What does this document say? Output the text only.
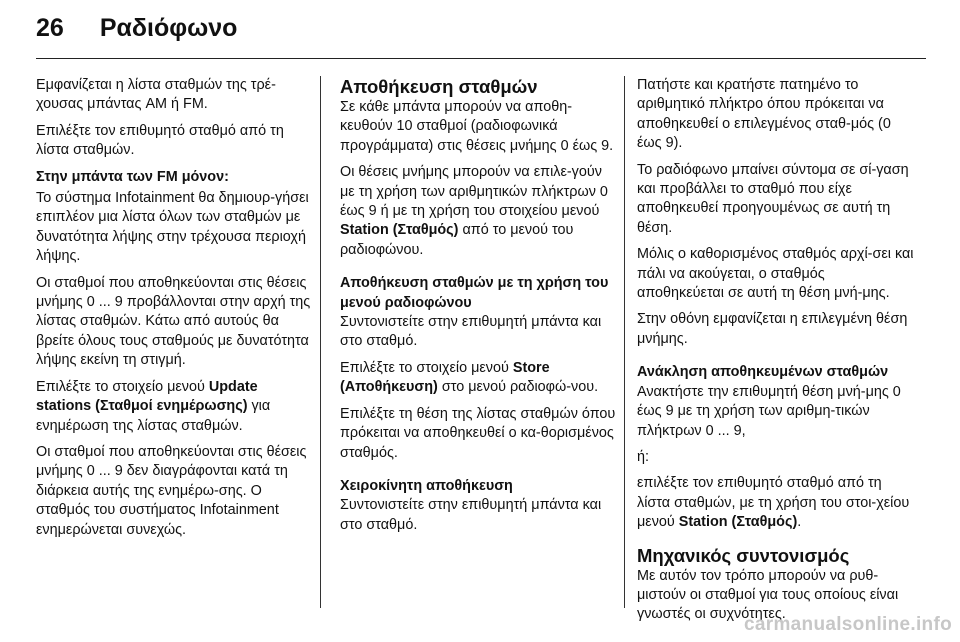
26 Ραδιόφωνο

Εμφανίζεται η λίστα σταθμών της τρέ-χουσας μπάντας AM ή FM.

Επιλέξτε τον επιθυμητό σταθμό από τη λίστα σταθμών.

Στην μπάντα των FM μόνον:

Το σύστημα Infotainment θα δημιουρ-γήσει επιπλέον μια λίστα όλων των σταθμών με δυνατότητα λήψης στην τρέχουσα περιοχή λήψης.

Οι σταθμοί που αποθηκεύονται στις θέσεις μνήμης 0 ... 9 προβάλλονται στην αρχή της λίστας σταθμών. Κάτω από αυτούς θα βρείτε όλους τους σταθμούς με δυνατότητα λήψης εκείνη τη στιγμή.

Επιλέξτε το στοιχείο μενού Update stations (Σταθμοί ενημέρωσης) για ενημέρωση της λίστας σταθμών.

Οι σταθμοί που αποθηκεύονται στις θέσεις μνήμης 0 ... 9 δεν διαγράφονται κατά τη διάρκεια αυτής της ενημέρω-σης. Ο σταθμός του συστήματος Infotainment ενημερώνεται συνεχώς.

Αποθήκευση σταθμών

Σε κάθε μπάντα μπορούν να αποθη-κευθούν 10 σταθμοί (ραδιοφωνικά προγράμματα) στις θέσεις μνήμης 0 έως 9.

Οι θέσεις μνήμης μπορούν να επιλε-γούν με τη χρήση των αριθμητικών πλήκτρων 0 έως 9 ή με τη χρήση του στοιχείου μενού Station (Σταθμός) από το μενού του ραδιοφώνου.

Αποθήκευση σταθμών με τη χρήση του μενού ραδιοφώνου

Συντονιστείτε στην επιθυμητή μπάντα και στο σταθμό.

Επιλέξτε το στοιχείο μενού Store (Αποθήκευση) στο μενού ραδιοφώ-νου.

Επιλέξτε τη θέση της λίστας σταθμών όπου πρόκειται να αποθηκευθεί ο κα-θορισμένος σταθμός.

Χειροκίνητη αποθήκευση

Συντονιστείτε στην επιθυμητή μπάντα και στο σταθμό.

Πατήστε και κρατήστε πατημένο το αριθμητικό πλήκτρο όπου πρόκειται να αποθηκευθεί ο επιλεγμένος σταθ-μός (0 έως 9).

Το ραδιόφωνο μπαίνει σύντομα σε σί-γαση και προβάλλει το σταθμό που είχε αποθηκευθεί προηγουμένως σε αυτή τη θέση.

Μόλις ο καθορισμένος σταθμός αρχί-σει και πάλι να ακούγεται, ο σταθμός αποθηκεύεται σε αυτή τη θέση μνή-μης.

Στην οθόνη εμφανίζεται η επιλεγμένη θέση μνήμης.

Ανάκληση αποθηκευμένων σταθμών

Ανακτήστε την επιθυμητή θέση μνή-μης 0 έως 9 με τη χρήση των αριθμη-τικών πλήκτρων 0 ... 9,

ή:

επιλέξτε τον επιθυμητό σταθμό από τη λίστα σταθμών, με τη χρήση του στοι-χείου μενού Station (Σταθμός).

Μηχανικός συντονισμός

Με αυτόν τον τρόπο μπορούν να ρυθ-μιστούν οι σταθμοί για τους οποίους είναι γνωστές οι συχνότητες.

carmanualsonline.info
